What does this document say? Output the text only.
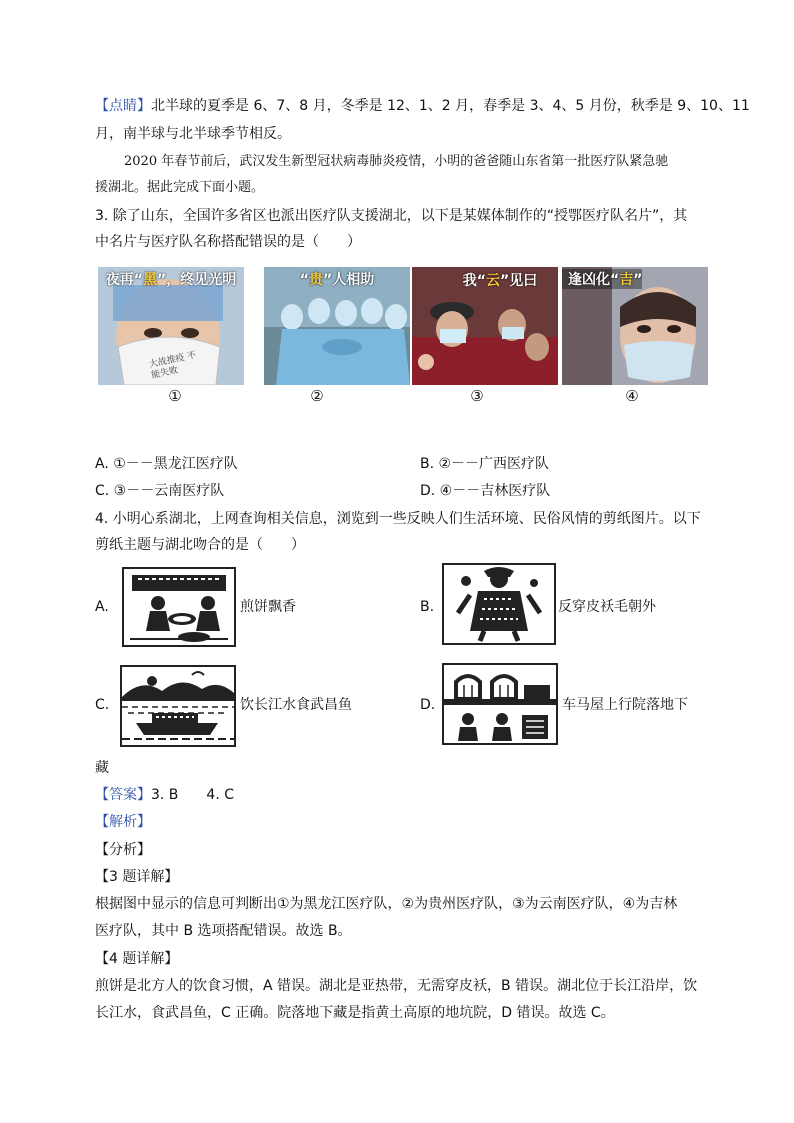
【点睛】北半球的夏季是 6、7、8 月，冬季是 12、1、2 月，春季是 3、4、5 月份，秋季是 9、10、11
月，南半球与北半球季节相反。
2020 年春节前后，武汉发生新型冠状病毒肺炎疫情，小明的爸爸随山东省第一批医疗队紧急驰
援湖北。据此完成下面小题。
3. 除了山东，全国许多省区也派出医疗队支援湖北，以下是某媒体制作的“授鄂医疗队名片”，其
中名片与医疗队名称搭配错误的是（　　）
夜再“黑”，终见光明
大战推疫 不能失败
①
“贵”人相助
②
我“云”见曰
③
逢凶化“吉”
④
A. ①－－黑龙江医疗队	B. ②－－广西医疗队
C. ③－－云南医疗队	D. ④－－吉林医疗队
4. 小明心系湖北，上网查询相关信息，浏览到一些反映人们生活环境、民俗风情的剪纸图片。以下
剪纸主题与湖北吻合的是（　　）
A.	煎饼飘香	B.	反穿皮袄毛朝外
C.	饮长江水食武昌鱼	D.	车马屋上行院落地下
藏
【答案】3. B　　4. C
【解析】
【分析】
【3 题详解】
根据图中显示的信息可判断出①为黑龙江医疗队，②为贵州医疗队，③为云南医疗队，④为吉林
医疗队，其中 B 选项搭配错误。故选 B。
【4 题详解】
煎饼是北方人的饮食习惯，A 错误。湖北是亚热带，无需穿皮袄，B 错误。湖北位于长江沿岸，饮
长江水，食武昌鱼，C 正确。院落地下藏是指黄土高原的地坑院，D 错误。故选 C。
